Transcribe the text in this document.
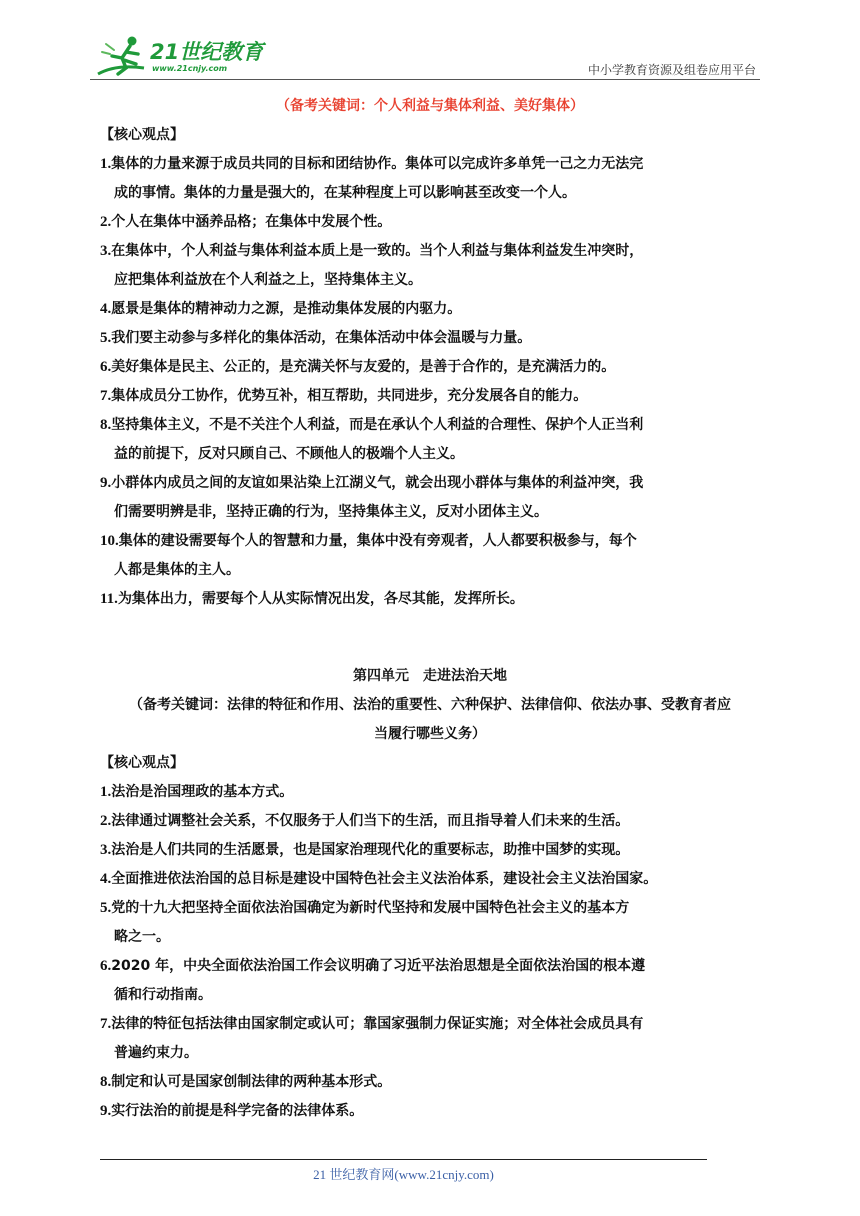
21世纪教育
www.21cnjy.com	中小学教育资源及组卷应用平台
（备考关键词：个人利益与集体利益、美好集体）
【核心观点】
1.集体的力量来源于成员共同的目标和团结协作。集体可以完成许多单凭一己之力无法完
成的事情。集体的力量是强大的，在某种程度上可以影响甚至改变一个人。
2.个人在集体中涵养品格；在集体中发展个性。
3.在集体中，个人利益与集体利益本质上是一致的。当个人利益与集体利益发生冲突时，
应把集体利益放在个人利益之上，坚持集体主义。
4.愿景是集体的精神动力之源，是推动集体发展的内驱力。
5.我们要主动参与多样化的集体活动，在集体活动中体会温暖与力量。
6.美好集体是民主、公正的，是充满关怀与友爱的，是善于合作的，是充满活力的。
7.集体成员分工协作，优势互补，相互帮助，共同进步，充分发展各自的能力。
8.坚持集体主义，不是不关注个人利益，而是在承认个人利益的合理性、保护个人正当利
益的前提下，反对只顾自己、不顾他人的极端个人主义。
9.小群体内成员之间的友谊如果沾染上江湖义气，就会出现小群体与集体的利益冲突，我
们需要明辨是非，坚持正确的行为，坚持集体主义，反对小团体主义。
10.集体的建设需要每个人的智慧和力量，集体中没有旁观者，人人都要积极参与，每个
人都是集体的主人。
11.为集体出力，需要每个人从实际情况出发，各尽其能，发挥所长。
第四单元　走进法治天地
（备考关键词：法律的特征和作用、法治的重要性、六种保护、法律信仰、依法办事、受教育者应
当履行哪些义务）
【核心观点】
1.法治是治国理政的基本方式。
2.法律通过调整社会关系，不仅服务于人们当下的生活，而且指导着人们未来的生活。
3.法治是人们共同的生活愿景，也是国家治理现代化的重要标志，助推中国梦的实现。
4.全面推进依法治国的总目标是建设中国特色社会主义法治体系，建设社会主义法治国家。
5.党的十九大把坚持全面依法治国确定为新时代坚持和发展中国特色社会主义的基本方
略之一。
6.2020 年，中央全面依法治国工作会议明确了习近平法治思想是全面依法治国的根本遵
循和行动指南。
7.法律的特征包括法律由国家制定或认可；靠国家强制力保证实施；对全体社会成员具有
普遍约束力。
8.制定和认可是国家创制法律的两种基本形式。
9.实行法治的前提是科学完备的法律体系。
21 世纪教育网(www.21cnjy.com)
